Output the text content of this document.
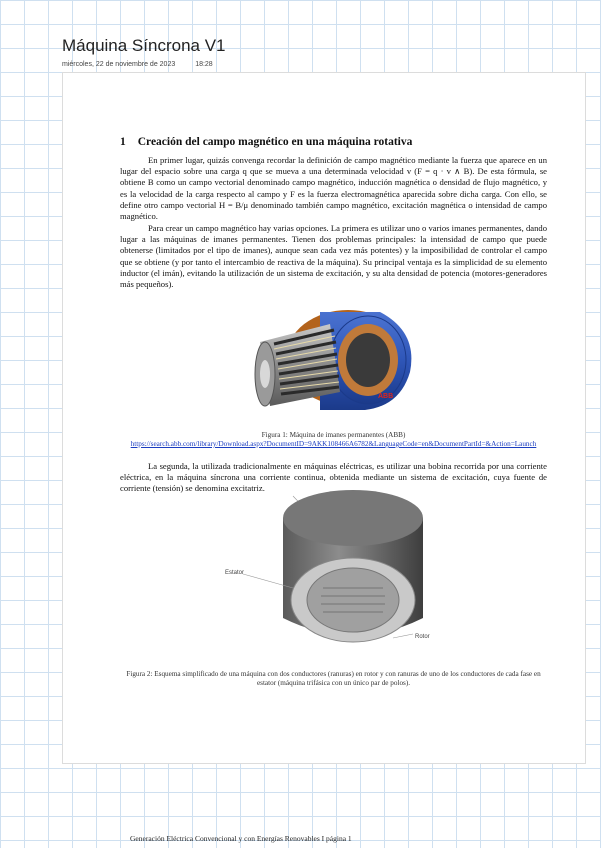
Máquina Síncrona V1
miércoles, 22 de noviembre de 2023	18:28
1 Creación del campo magnético en una máquina rotativa
En primer lugar, quizás convenga recordar la definición de campo magnético mediante la fuerza que aparece en un lugar del espacio sobre una carga q que se mueva a una determinada velocidad v (F = q · v ∧ B). De esta fórmula, se obtiene B como un campo vectorial denominado campo magnético, inducción magnética o densidad de flujo magnético, y es la velocidad de la carga respecto al campo y F es la fuerza electromagnética aparecida sobre dicha carga. Con ello, se define otro campo vectorial H = B/μ denominado también campo magnético, excitación magnética o intensidad de campo magnético.
Para crear un campo magnético hay varias opciones. La primera es utilizar uno o varios imanes permanentes, dando lugar a las máquinas de imanes permanentes. Tienen dos problemas principales: la intensidad de campo que puede obtenerse (limitados por el tipo de imanes), aunque sean cada vez más potentes) y la imposibilidad de controlar el campo que se obtiene (y por tanto el intercambio de reactiva de la máquina). Su principal ventaja es la simplicidad de su elemento inductor (el imán), evitando la utilización de un sistema de excitación, y su alta densidad de potencia (motores-generadores más pequeños).
ABB
Figura 1: Máquina de imanes permanentes (ABB)
https://search.abb.com/library/Download.aspx?DocumentID=9AKK108466A6782&LanguageCode=en&DocumentPartId=&Action=Launch
La segunda, la utilizada tradicionalmente en máquinas eléctricas, es utilizar una bobina recorrida por una corriente eléctrica, en la máquina síncrona una corriente continua, obtenida mediante un sistema de excitación, cuya fuente de corriente (tensión) se denomina excitatriz.
Estator
Rotor
Figura 2: Esquema simplificado de una máquina con dos conductores (ranuras) en rotor y con ranuras de uno de los conductores de cada fase en estator (máquina trifásica con un único par de polos).
Generación Eléctrica Convencional y con Energías Renovables I página 1
